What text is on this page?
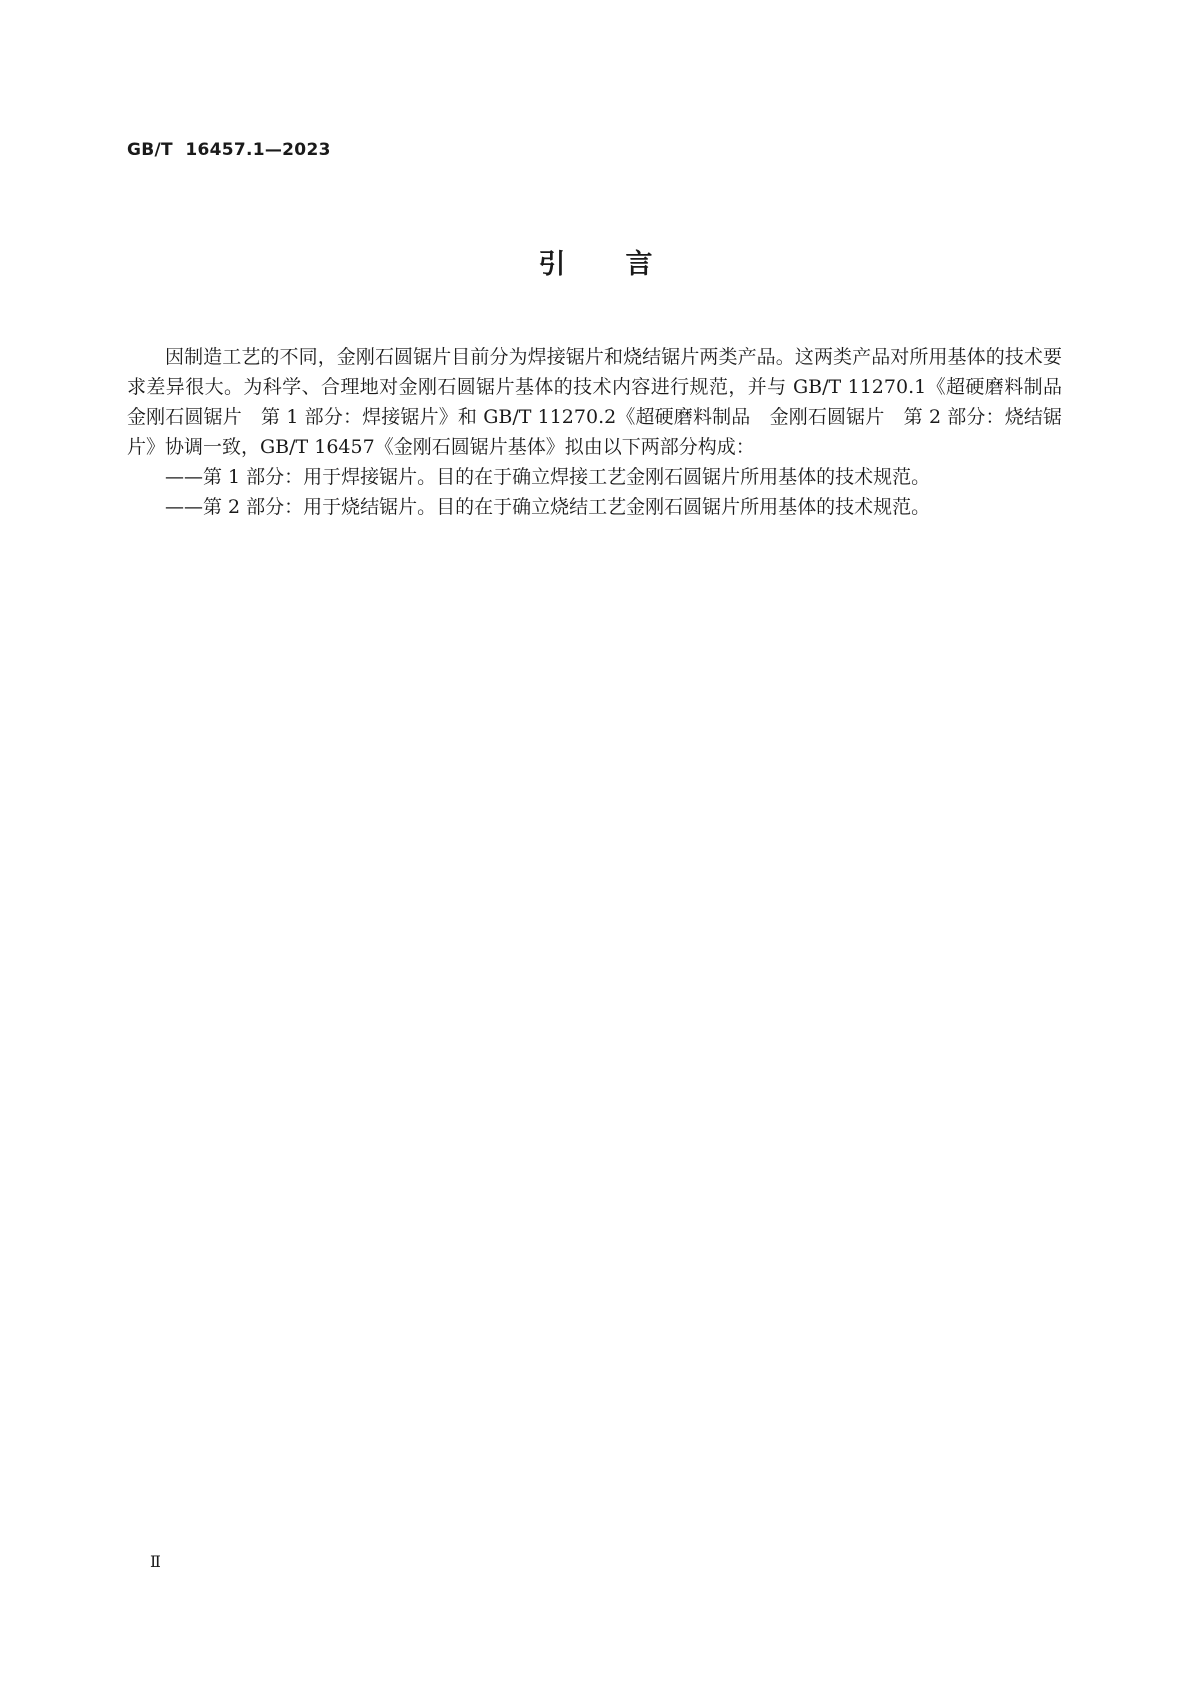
GB/T  16457.1—2023
引言

因制造工艺的不同，金刚石圆锯片目前分为焊接锯片和烧结锯片两类产品。这两类产品对所用基体的技术要求差异很大。为科学、合理地对金刚石圆锯片基体的技术内容进行规范，并与 GB/T 11270.1《超硬磨料制品　金刚石圆锯片　第 1 部分：焊接锯片》和 GB/T 11270.2《超硬磨料制品　金刚石圆锯片　第 2 部分：烧结锯片》协调一致，GB/T 16457《金刚石圆锯片基体》拟由以下两部分构成：

——第 1 部分：用于焊接锯片。目的在于确立焊接工艺金刚石圆锯片所用基体的技术规范。

——第 2 部分：用于烧结锯片。目的在于确立烧结工艺金刚石圆锯片所用基体的技术规范。

Ⅱ
